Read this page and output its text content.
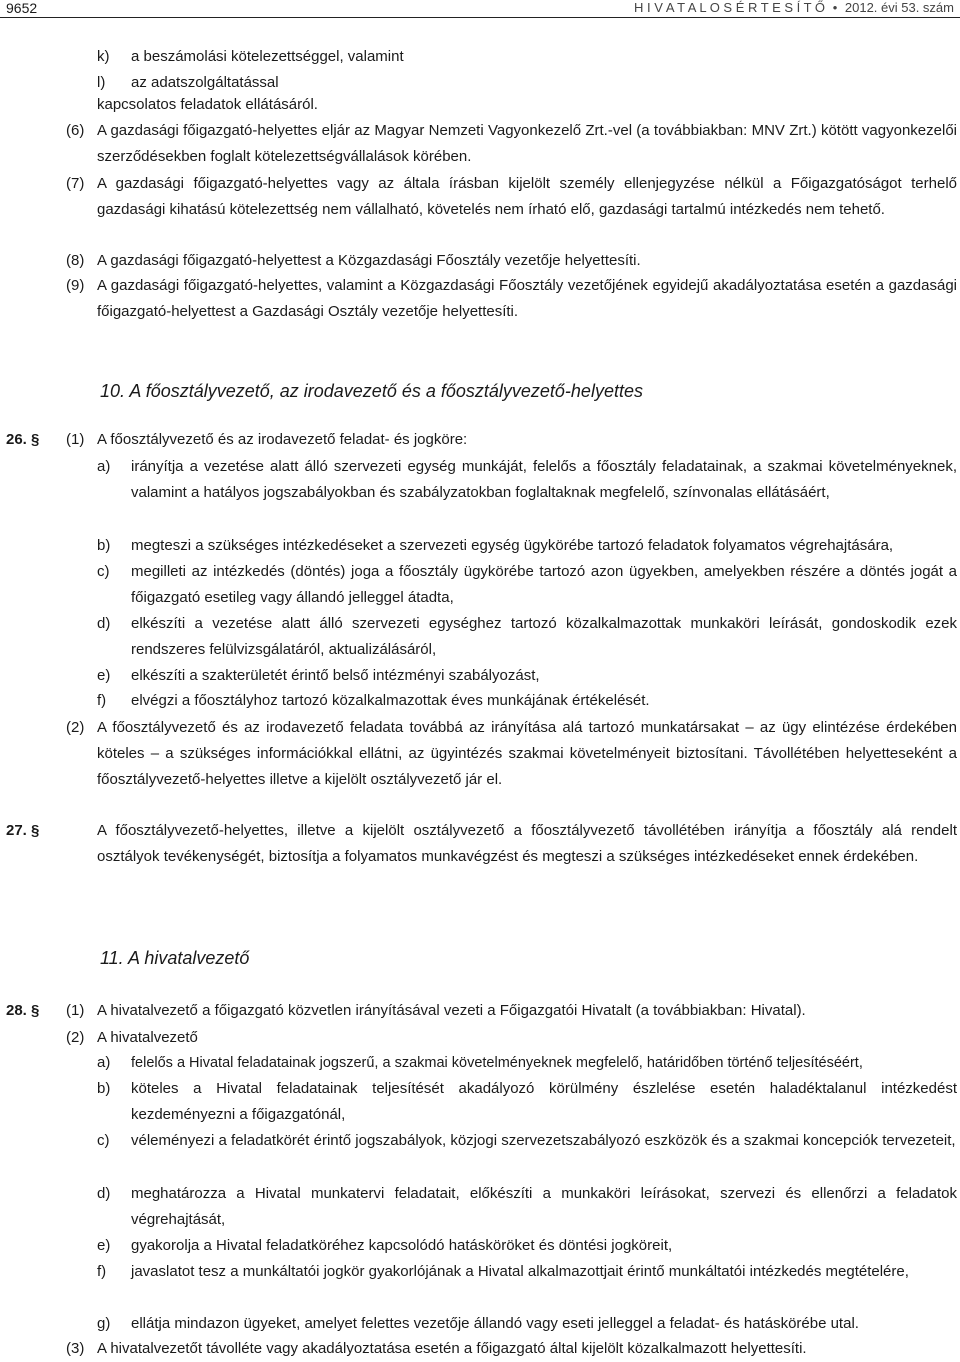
9652	H I V A T A L O S É R T E S Í T Ő • 2012. évi 53. szám
k) a beszámolási kötelezettséggel, valamint
l) az adatszolgáltatással
kapcsolatos feladatok ellátásáról.
(6) A gazdasági főigazgató-helyettes eljár az Magyar Nemzeti Vagyonkezelő Zrt.-vel (a továbbiakban: MNV Zrt.) kötött vagyonkezelői szerződésekben foglalt kötelezettségvállalások körében.
(7) A gazdasági főigazgató-helyettes vagy az általa írásban kijelölt személy ellenjegyzése nélkül a Főigazgatóságot terhelő gazdasági kihatású kötelezettség nem vállalható, követelés nem írható elő, gazdasági tartalmú intézkedés nem tehető.
(8) A gazdasági főigazgató-helyettest a Közgazdasági Főosztály vezetője helyettesíti.
(9) A gazdasági főigazgató-helyettes, valamint a Közgazdasági Főosztály vezetőjének egyidejű akadályoztatása esetén a gazdasági főigazgató-helyettest a Gazdasági Osztály vezetője helyettesíti.
10. A főosztályvezető, az irodavezető és a főosztályvezető-helyettes
26. § (1) A főosztályvezető és az irodavezető feladat- és jogköre:
a) irányítja a vezetése alatt álló szervezeti egység munkáját, felelős a főosztály feladatainak, a szakmai követelményeknek, valamint a hatályos jogszabályokban és szabályzatokban foglaltaknak megfelelő, színvonalas ellátásáért,
b) megteszi a szükséges intézkedéseket a szervezeti egység ügykörébe tartozó feladatok folyamatos végrehajtására,
c) megilleti az intézkedés (döntés) joga a főosztály ügykörébe tartozó azon ügyekben, amelyekben részére a döntés jogát a főigazgató esetileg vagy állandó jelleggel átadta,
d) elkészíti a vezetése alatt álló szervezeti egységhez tartozó közalkalmazottak munkaköri leírását, gondoskodik ezek rendszeres felülvizsgálatáról, aktualizálásáról,
e) elkészíti a szakterületét érintő belső intézményi szabályozást,
f) elvégzi a főosztályhoz tartozó közalkalmazottak éves munkájának értékelését.
(2) A főosztályvezető és az irodavezető feladata továbbá az irányítása alá tartozó munkatársakat – az ügy elintézése érdekében köteles – a szükséges információkkal ellátni, az ügyintézés szakmai követelményeit biztosítani. Távollétében helyetteseként a főosztályvezető-helyettes illetve a kijelölt osztályvezető jár el.
27. §	A főosztályvezető-helyettes, illetve a kijelölt osztályvezető a főosztályvezető távollétében irányítja a főosztály alá rendelt osztályok tevékenységét, biztosítja a folyamatos munkavégzést és megteszi a szükséges intézkedéseket ennek érdekében.
11. A hivatalvezető
28. § (1) A hivatalvezető a főigazgató közvetlen irányításával vezeti a Főigazgatói Hivatalt (a továbbiakban: Hivatal).
(2) A hivatalvezető
a) felelős a Hivatal feladatainak jogszerű, a szakmai követelményeknek megfelelő, határidőben történő teljesítéséért,
b) köteles a Hivatal feladatainak teljesítését akadályozó körülmény észlelése esetén haladéktalanul intézkedést kezdeményezni a főigazgatónál,
c) véleményezi a feladatkörét érintő jogszabályok, közjogi szervezetszabályozó eszközök és a szakmai koncepciók tervezeteit,
d) meghatározza a Hivatal munkatervi feladatait, előkészíti a munkaköri leírásokat, szervezi és ellenőrzi a feladatok végrehajtását,
e) gyakorolja a Hivatal feladatköréhez kapcsolódó hatásköröket és döntési jogköreit,
f) javaslatot tesz a munkáltatói jogkör gyakorlójának a Hivatal alkalmazottjait érintő munkáltatói intézkedés megtételére,
g) ellátja mindazon ügyeket, amelyet felettes vezetője állandó vagy eseti jelleggel a feladat- és hatáskörébe utal.
(3) A hivatalvezetőt távolléte vagy akadályoztatása esetén a főigazgató által kijelölt közalkalmazott helyettesíti.
